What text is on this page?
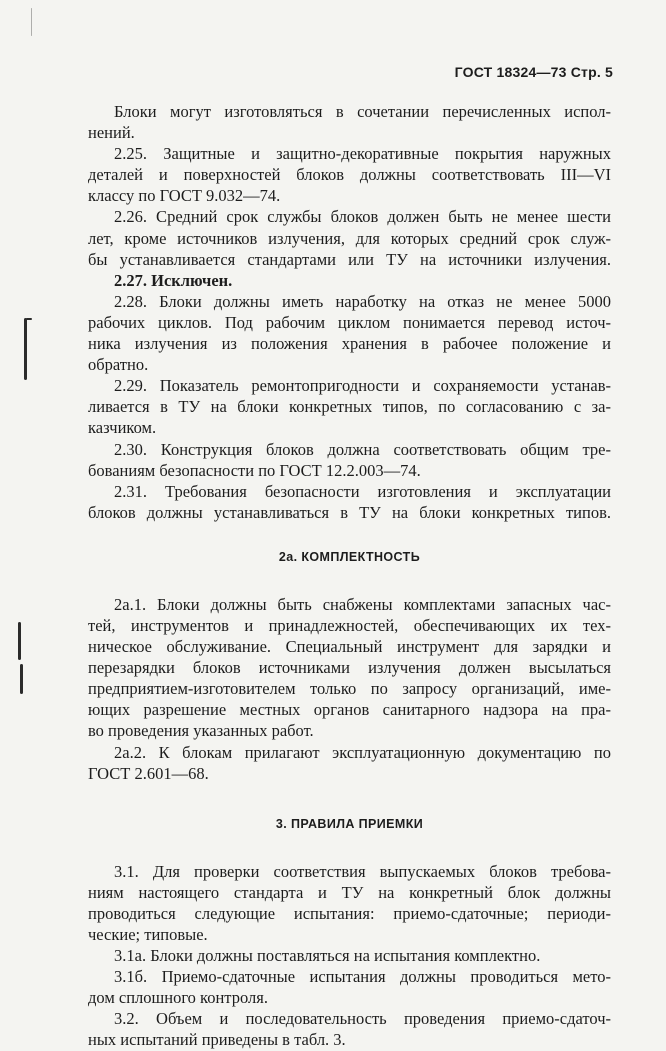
ГОСТ 18324—73 Стр. 5
Блоки могут изготовляться в сочетании перечисленных испол-
нений.
2.25. Защитные и защитно-декоративные покрытия наружных
деталей и поверхностей блоков должны соответствовать III—VI
классу по ГОСТ 9.032—74.
2.26. Средний срок службы блоков должен быть не менее шести
лет, кроме источников излучения, для которых средний срок служ-
бы устанавливается стандартами или ТУ на источники излучения.
2.27. Исключен.
2.28. Блоки должны иметь наработку на отказ не менее 5000
рабочих циклов. Под рабочим циклом понимается перевод источ-
ника излучения из положения хранения в рабочее положение и
обратно.
2.29. Показатель ремонтопригодности и сохраняемости устанав-
ливается в ТУ на блоки конкретных типов, по согласованию с за-
казчиком.
2.30. Конструкция блоков должна соответствовать общим тре-
бованиям безопасности по ГОСТ 12.2.003—74.
2.31. Требования безопасности изготовления и эксплуатации
блоков должны устанавливаться в ТУ на блоки конкретных типов.
2а. КОМПЛЕКТНОСТЬ
2а.1. Блоки должны быть снабжены комплектами запасных час-
тей, инструментов и принадлежностей, обеспечивающих их тех-
ническое обслуживание. Специальный инструмент для зарядки и
перезарядки блоков источниками излучения должен высылаться
предприятием-изготовителем только по запросу организаций, име-
ющих разрешение местных органов санитарного надзора на пра-
во проведения указанных работ.
2а.2. К блокам прилагают эксплуатационную документацию по
ГОСТ 2.601—68.
3. ПРАВИЛА ПРИЕМКИ
3.1. Для проверки соответствия выпускаемых блоков требова-
ниям настоящего стандарта и ТУ на конкретный блок должны
проводиться следующие испытания: приемо-сдаточные; периоди-
ческие; типовые.
3.1а. Блоки должны поставляться на испытания комплектно.
3.1б. Приемо-сдаточные испытания должны проводиться мето-
дом сплошного контроля.
3.2. Объем и последовательность проведения приемо-сдаточ-
ных испытаний приведены в табл. 3.
